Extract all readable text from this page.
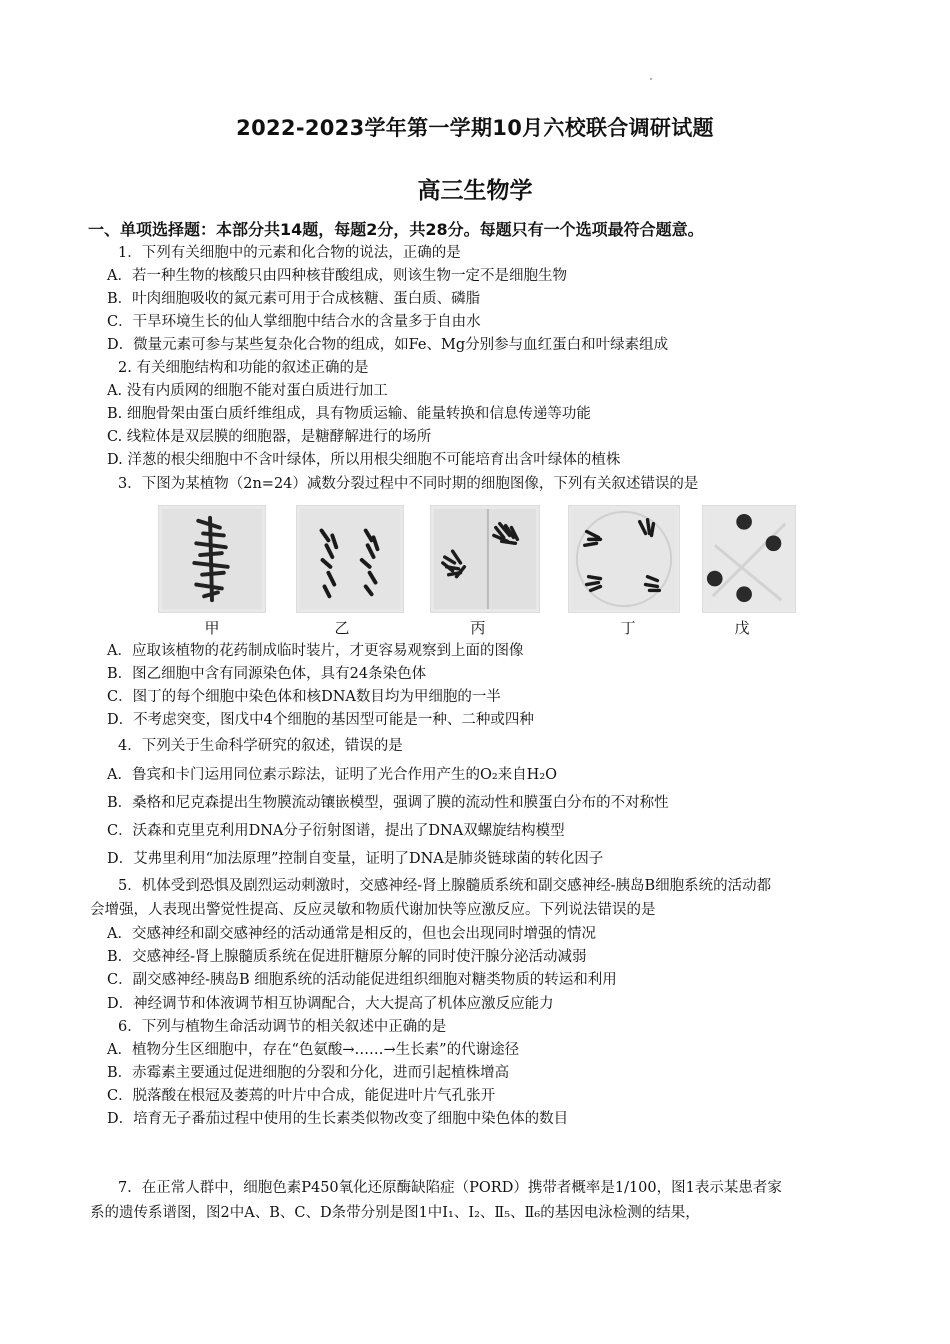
2022-2023学年第一学期10月六校联合调研试题
高三生物学
一、单项选择题：本部分共14题，每题2分，共28分。每题只有一个选项最符合题意。
1．下列有关细胞中的元素和化合物的说法，正确的是
A．若一种生物的核酸只由四种核苷酸组成，则该生物一定不是细胞生物
B．叶肉细胞吸收的氮元素可用于合成核糖、蛋白质、磷脂
C．干旱环境生长的仙人掌细胞中结合水的含量多于自由水
D．微量元素可参与某些复杂化合物的组成，如Fe、Mg分别参与血红蛋白和叶绿素组成
2. 有关细胞结构和功能的叙述正确的是
A. 没有内质网的细胞不能对蛋白质进行加工
B. 细胞骨架由蛋白质纤维组成，具有物质运输、能量转换和信息传递等功能
C. 线粒体是双层膜的细胞器，是糖酵解进行的场所
D. 洋葱的根尖细胞中不含叶绿体，所以用根尖细胞不可能培育出含叶绿体的植株
3．下图为某植物（2n=24）减数分裂过程中不同时期的细胞图像，下列有关叙述错误的是
甲	乙	丙	丁	戊
A．应取该植物的花药制成临时装片，才更容易观察到上面的图像
B．图乙细胞中含有同源染色体，具有24条染色体
C．图丁的每个细胞中染色体和核DNA数目均为甲细胞的一半
D．不考虑突变，图戊中4个细胞的基因型可能是一种、二种或四种
4．下列关于生命科学研究的叙述，错误的是
A．鲁宾和卡门运用同位素示踪法，证明了光合作用产生的O₂来自H₂O
B．桑格和尼克森提出生物膜流动镶嵌模型，强调了膜的流动性和膜蛋白分布的不对称性
C．沃森和克里克利用DNA分子衍射图谱，提出了DNA双螺旋结构模型
D．艾弗里利用“加法原理”控制自变量，证明了DNA是肺炎链球菌的转化因子
5．机体受到恐惧及剧烈运动刺激时，交感神经-肾上腺髓质系统和副交感神经-胰岛B细胞系统的活动都
会增强，人表现出警觉性提高、反应灵敏和物质代谢加快等应激反应。下列说法错误的是
A．交感神经和副交感神经的活动通常是相反的，但也会出现同时增强的情况
B．交感神经-肾上腺髓质系统在促进肝糖原分解的同时使汗腺分泌活动减弱
C．副交感神经-胰岛B 细胞系统的活动能促进组织细胞对糖类物质的转运和利用
D．神经调节和体液调节相互协调配合，大大提高了机体应激反应能力
6．下列与植物生命活动调节的相关叙述中正确的是
A．植物分生区细胞中，存在“色氨酸→……→生长素”的代谢途径
B．赤霉素主要通过促进细胞的分裂和分化，进而引起植株增高
C．脱落酸在根冠及萎蔫的叶片中合成，能促进叶片气孔张开
D．培育无子番茄过程中使用的生长素类似物改变了细胞中染色体的数目
7．在正常人群中，细胞色素P450氧化还原酶缺陷症（PORD）携带者概率是1/100，图1表示某患者家
系的遗传系谱图，图2中A、B、C、D条带分别是图1中Ⅰ₁、Ⅰ₂、Ⅱ₅、Ⅱ₆的基因电泳检测的结果，
